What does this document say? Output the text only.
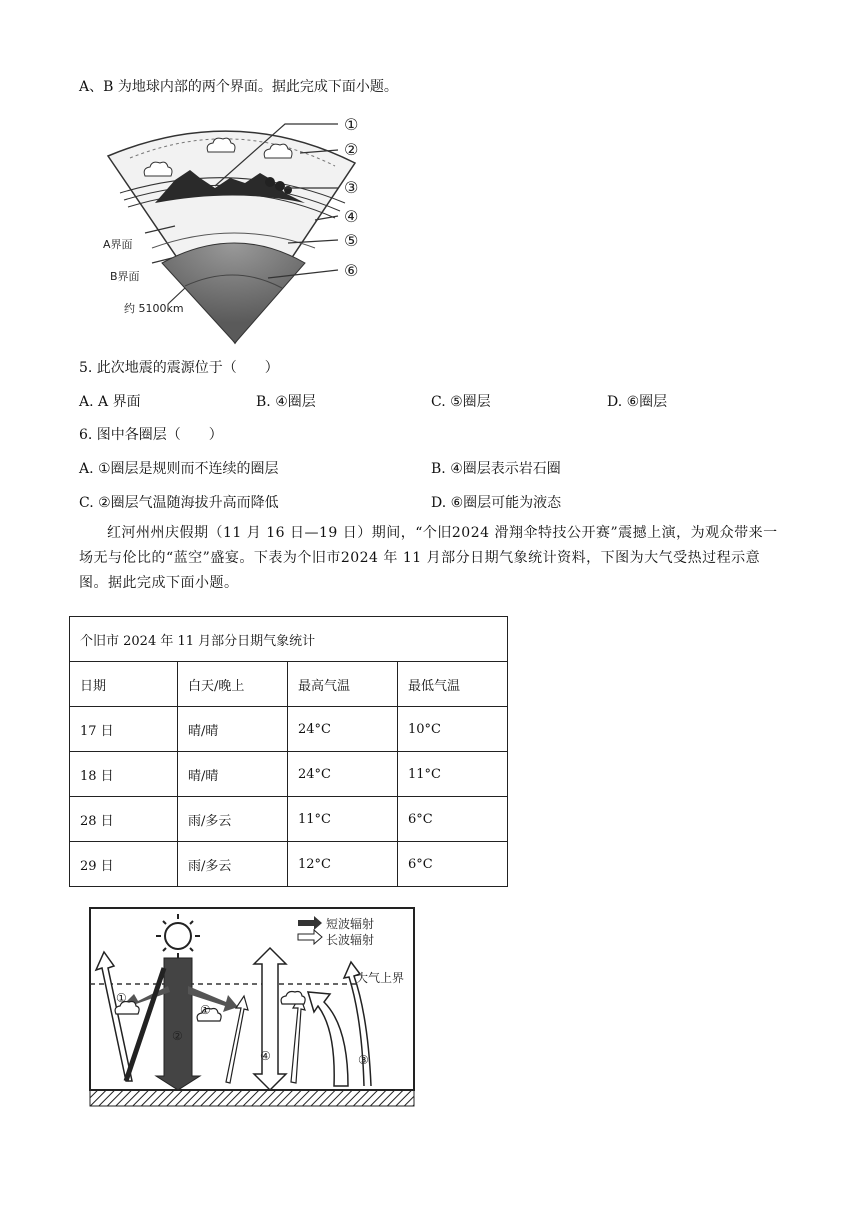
A、B 为地球内部的两个界面。据此完成下面小题。
①
②
③
④
⑤
⑥
A界面
B界面
约 5100km
5. 此次地震的震源位于（　　）
A. A 界面	B. ④圈层	C. ⑤圈层	D. ⑥圈层
6. 图中各圈层（　　）
A. ①圈层是规则而不连续的圈层	B. ④圈层表示岩石圈
C. ②圈层气温随海拔升高而降低	D. ⑥圈层可能为液态
红河州州庆假期（11 月 16 日—19 日）期间，“个旧2024 滑翔伞特技公开赛”震撼上演，为观众带来一场无与伦比的“蓝空”盛宴。下表为个旧市2024 年 11 月部分日期气象统计资料，下图为大气受热过程示意图。据此完成下面小题。
个旧市 2024 年 11 月部分日期气象统计			
日期	白天/晚上	最高气温	最低气温
17 日	晴/晴	24°C	10°C
18 日	晴/晴	24°C	11°C
28 日	雨/多云	11°C	6°C
29 日	雨/多云	12°C	6°C
短波辐射
长波辐射
大气上界
①
①
②
③
④
